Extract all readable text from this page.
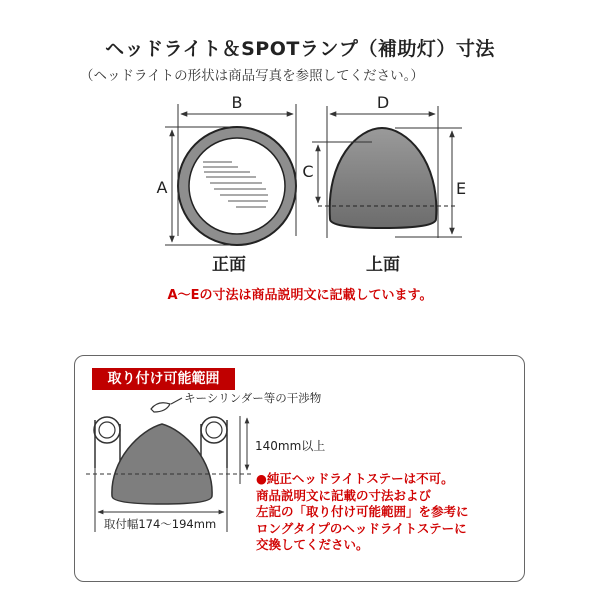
ヘッドライト＆SPOTランプ（補助灯）寸法
（ヘッドライトの形状は商品写真を参照してください。）
B
A
正面
D
C
E
上面
A～Eの寸法は商品説明文に記載しています。
取り付け可能範囲
キーシリンダー等の干渉物
140mm以上
取付幅174～194mm
●純正ヘッドライトステーは不可。
商品説明文に記載の寸法および
左記の「取り付け可能範囲」を参考に
ロングタイプのヘッドライトステーに
交換してください。
